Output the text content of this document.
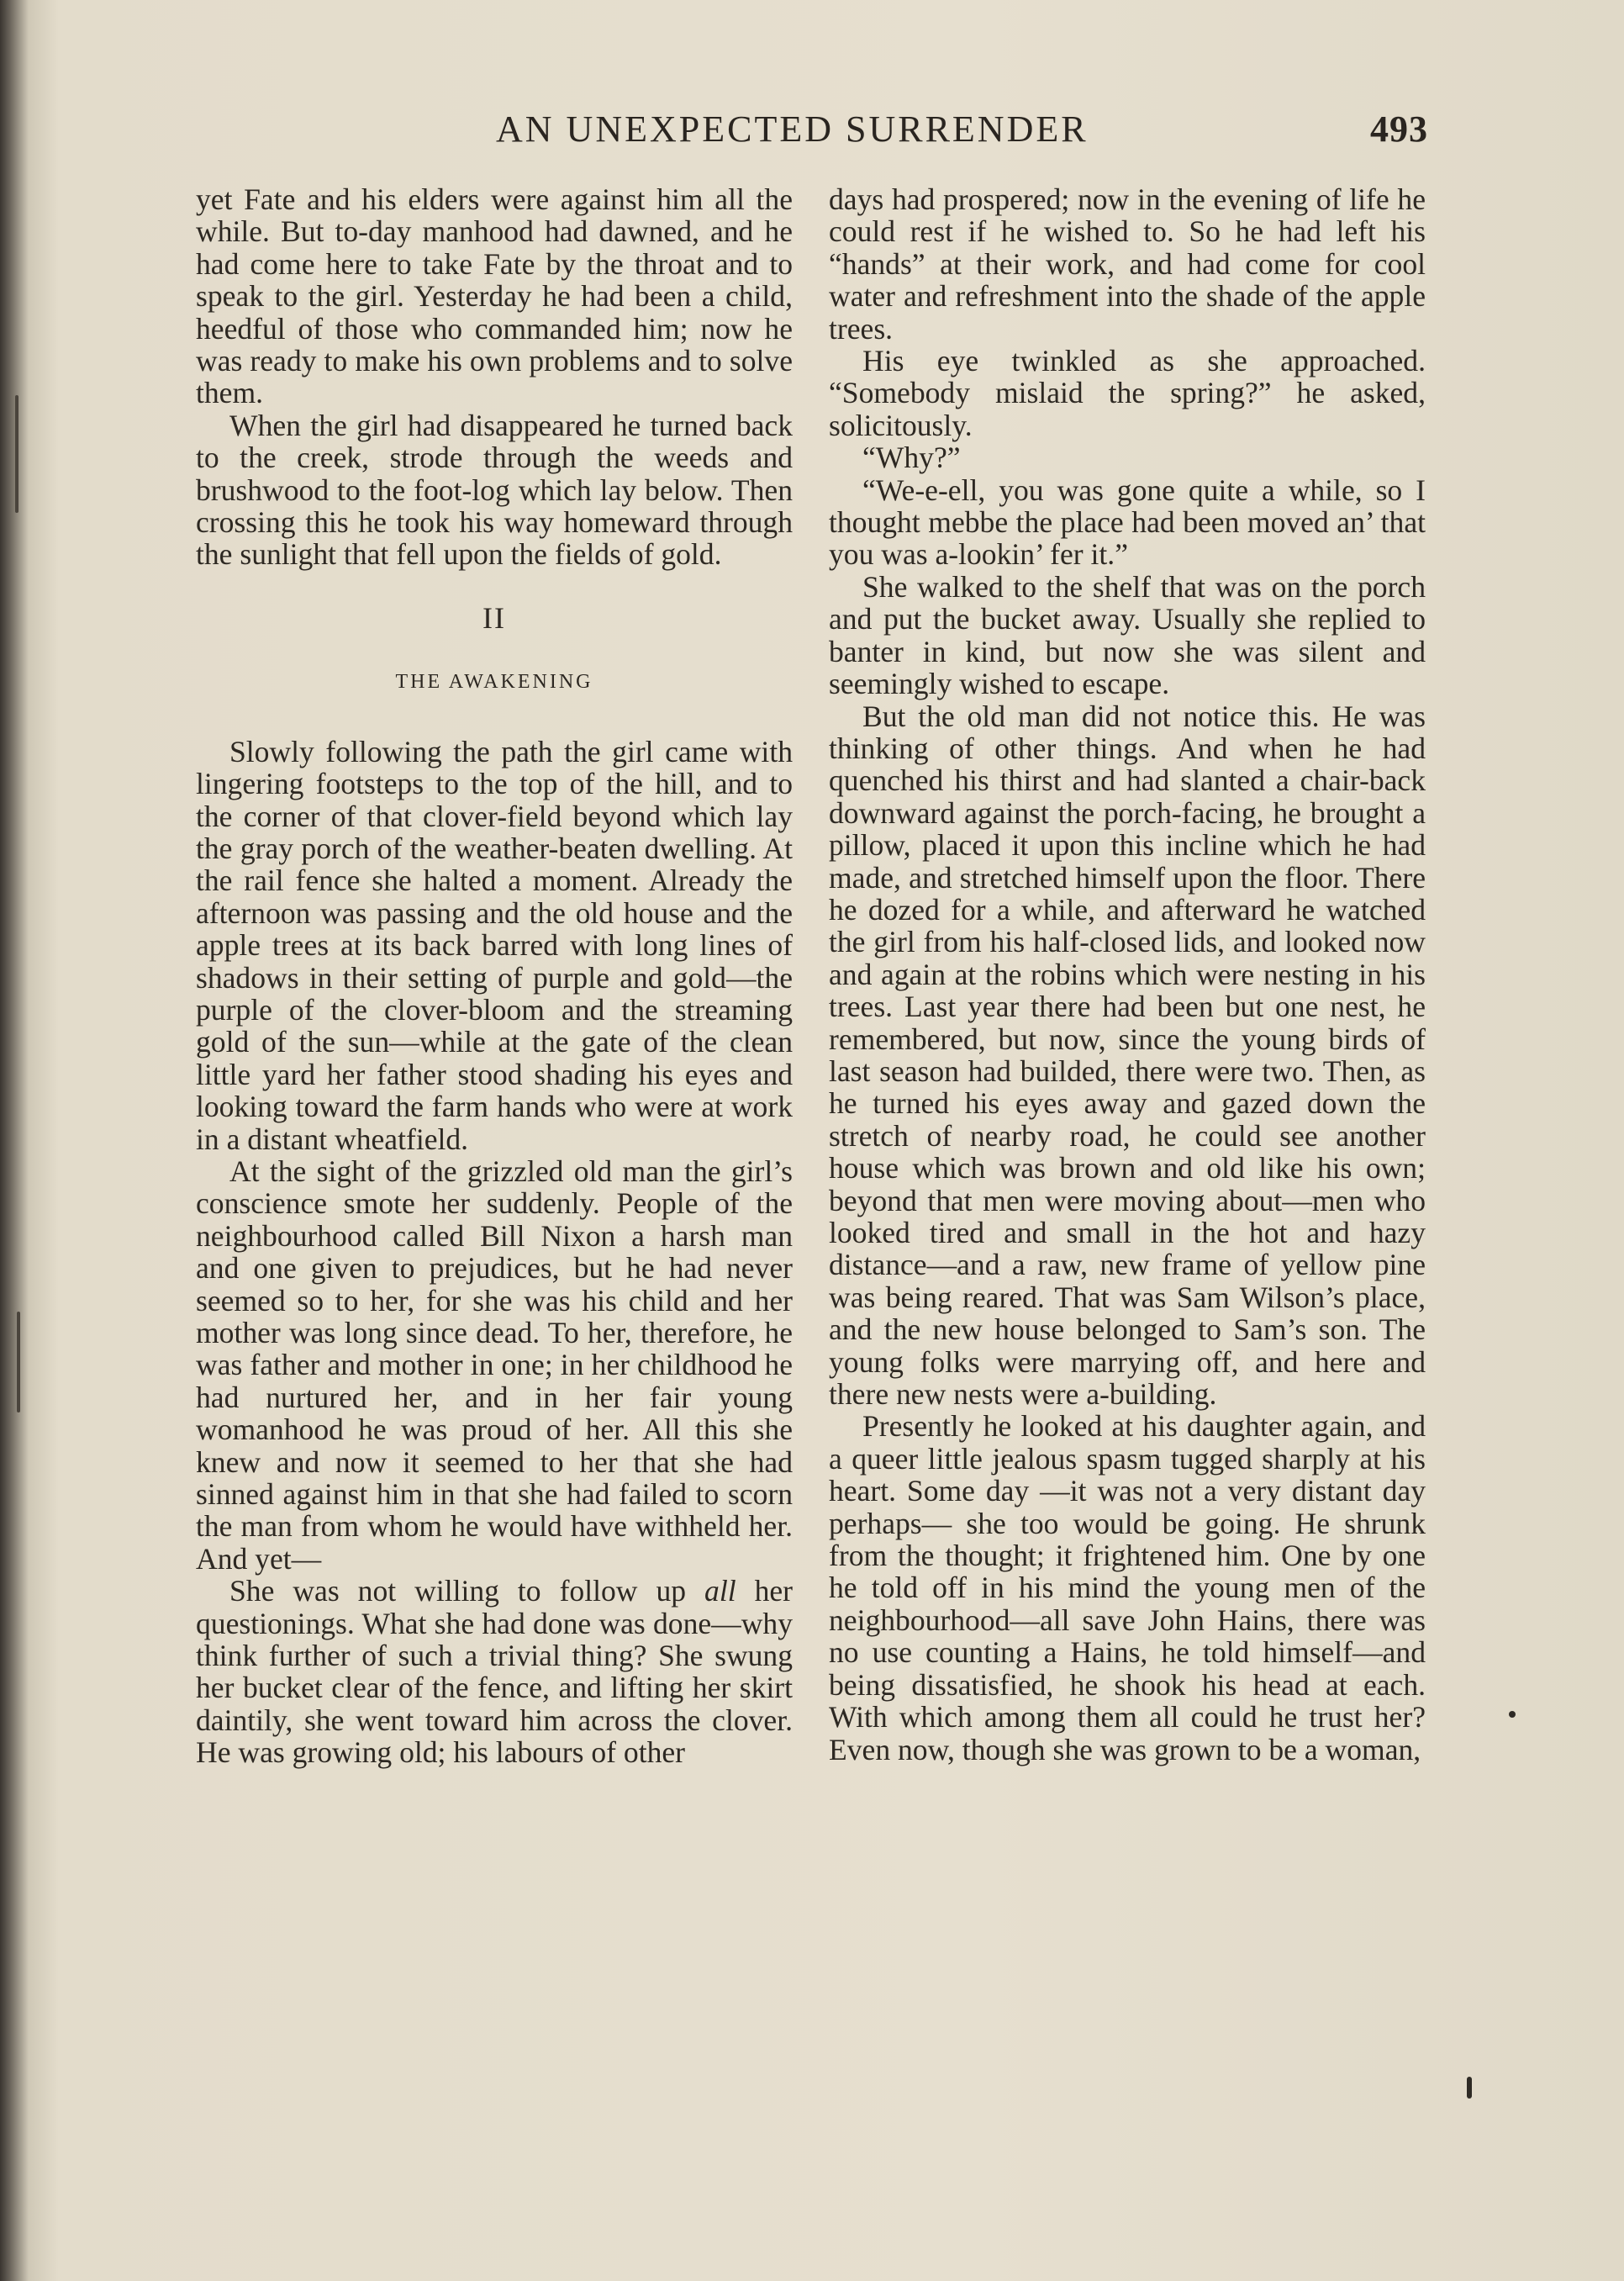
AN UNEXPECTED SURRENDER	493

yet Fate and his elders were against him all the while. But to-day manhood had dawned, and he had come here to take Fate by the throat and to speak to the girl. Yesterday he had been a child, heedful of those who commanded him; now he was ready to make his own problems and to solve them.

When the girl had disappeared he turned back to the creek, strode through the weeds and brushwood to the foot-log which lay below. Then crossing this he took his way homeward through the sunlight that fell upon the fields of gold.

II
THE AWAKENING

Slowly following the path the girl came with lingering footsteps to the top of the hill, and to the corner of that clover-field beyond which lay the gray porch of the weather-beaten dwelling. At the rail fence she halted a moment. Already the afternoon was passing and the old house and the apple trees at its back barred with long lines of shadows in their setting of purple and gold—the purple of the clover-bloom and the streaming gold of the sun—while at the gate of the clean little yard her father stood shading his eyes and looking toward the farm hands who were at work in a distant wheatfield.

At the sight of the grizzled old man the girl’s conscience smote her suddenly. People of the neighbourhood called Bill Nixon a harsh man and one given to prejudices, but he had never seemed so to her, for she was his child and her mother was long since dead. To her, therefore, he was father and mother in one; in her childhood he had nurtured her, and in her fair young womanhood he was proud of her. All this she knew and now it seemed to her that she had sinned against him in that she had failed to scorn the man from whom he would have withheld her. And yet—

She was not willing to follow up all her questionings. What she had done was done—why think further of such a trivial thing? She swung her bucket clear of the fence, and lifting her skirt daintily, she went toward him across the clover. He was growing old; his labours of other

days had prospered; now in the evening of life he could rest if he wished to. So he had left his “hands” at their work, and had come for cool water and refreshment into the shade of the apple trees.

His eye twinkled as she approached. “Somebody mislaid the spring?” he asked, solicitously.

“Why?”

“We-e-ell, you was gone quite a while, so I thought mebbe the place had been moved an’ that you was a-lookin’ fer it.”

She walked to the shelf that was on the porch and put the bucket away. Usually she replied to banter in kind, but now she was silent and seemingly wished to escape.

But the old man did not notice this. He was thinking of other things. And when he had quenched his thirst and had slanted a chair-back downward against the porch-facing, he brought a pillow, placed it upon this incline which he had made, and stretched himself upon the floor. There he dozed for a while, and afterward he watched the girl from his half-closed lids, and looked now and again at the robins which were nesting in his trees. Last year there had been but one nest, he remembered, but now, since the young birds of last season had builded, there were two. Then, as he turned his eyes away and gazed down the stretch of nearby road, he could see another house which was brown and old like his own; beyond that men were moving about—men who looked tired and small in the hot and hazy distance—and a raw, new frame of yellow pine was being reared. That was Sam Wilson’s place, and the new house belonged to Sam’s son. The young folks were marrying off, and here and there new nests were a-building.

Presently he looked at his daughter again, and a queer little jealous spasm tugged sharply at his heart. Some day —it was not a very distant day perhaps— she too would be going. He shrunk from the thought; it frightened him. One by one he told off in his mind the young men of the neighbourhood—all save John Hains, there was no use counting a Hains, he told himself—and being dissatisfied, he shook his head at each. With which among them all could he trust her? Even now, though she was grown to be a woman,
